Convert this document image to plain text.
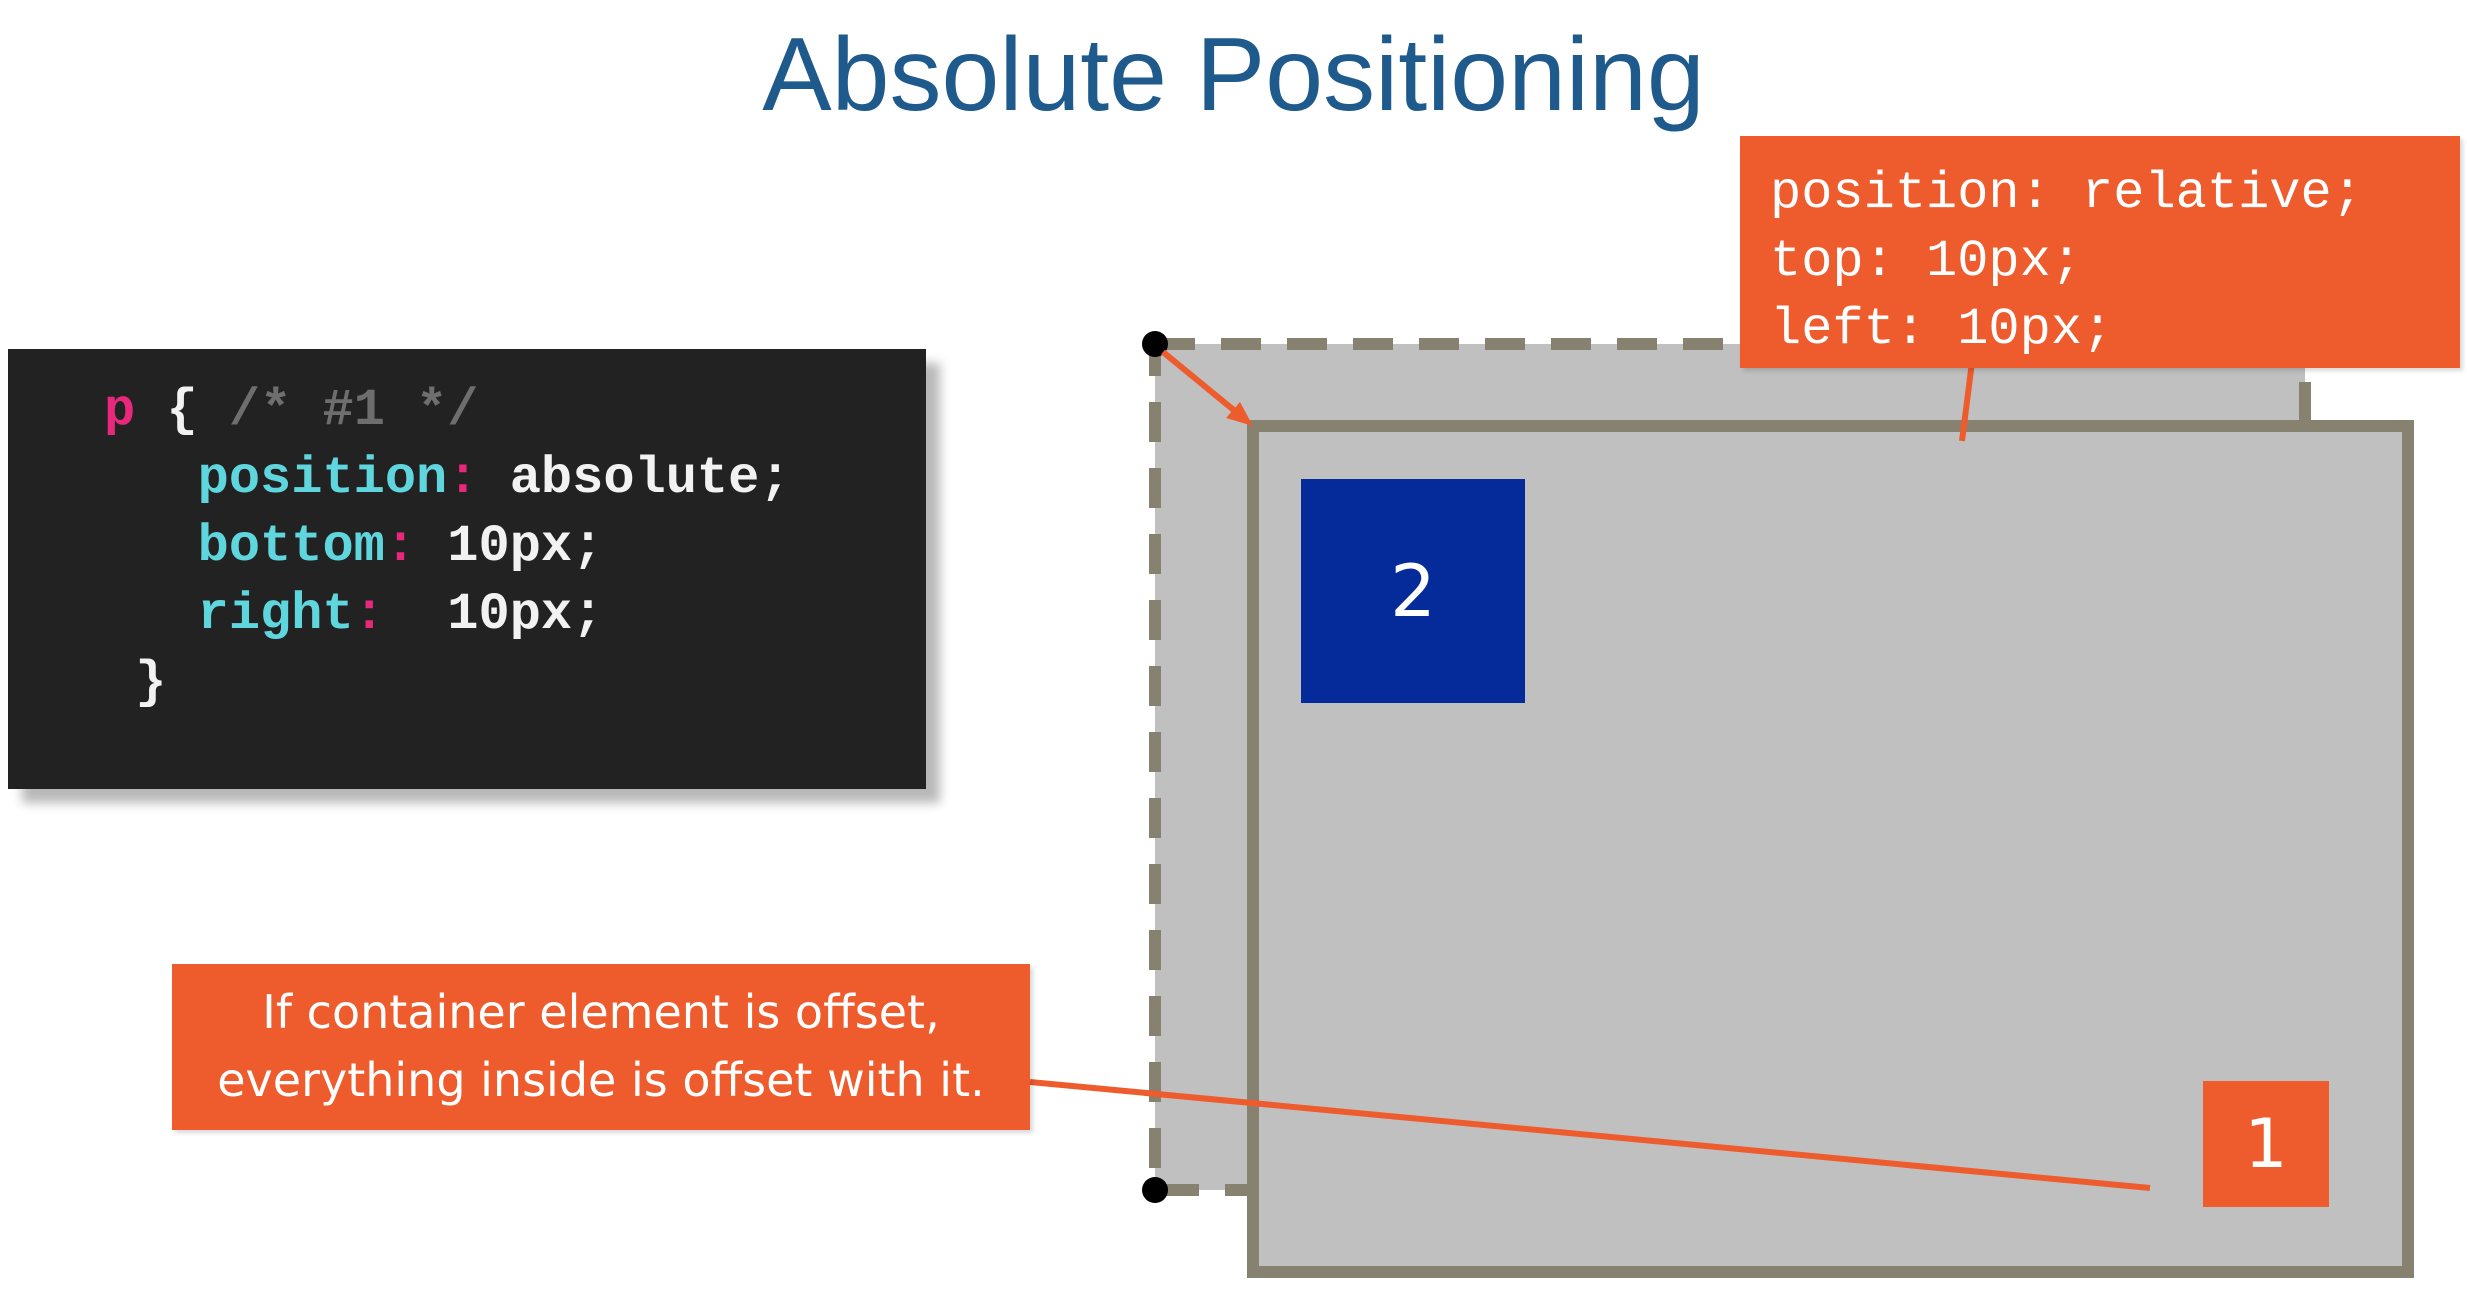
Absolute Positioning
p { /* #1 */
position: absolute;
bottom: 10px;
right:  10px;
}
2
1
position: relative;
top: 10px;
left: 10px;
If container element is offset,
everything inside is offset with it.
